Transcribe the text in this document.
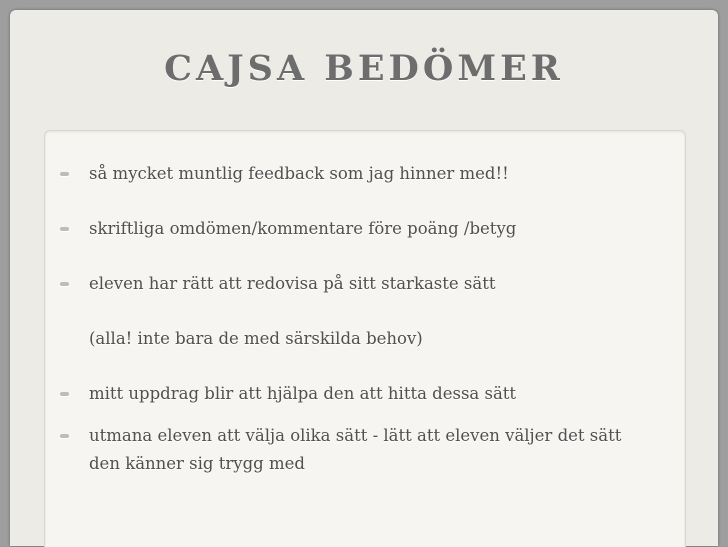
CAJSA BEDÖMER
så mycket muntlig feedback som jag hinner med!!
skriftliga omdömen/kommentare före poäng /betyg
eleven har rätt att redovisa på sitt starkaste sätt
(alla! inte bara de med särskilda behov)
mitt uppdrag blir att hjälpa den att hitta dessa sätt
utmana eleven att välja olika sätt - lätt att eleven väljer det sätt den känner sig trygg med
